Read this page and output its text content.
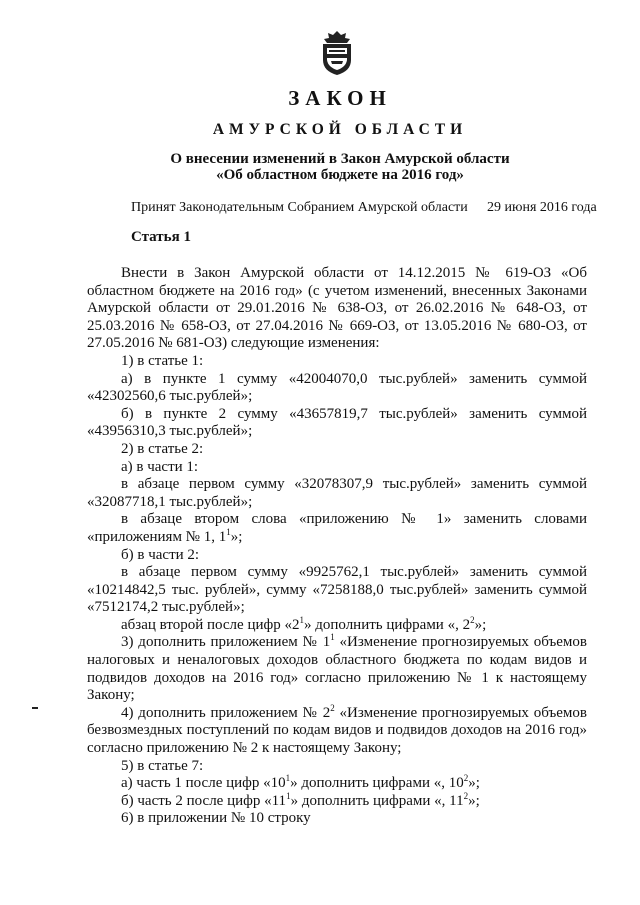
ЗАКОН
АМУРСКОЙ ОБЛАСТИ
О внесении изменений в Закон Амурской области
«Об областном бюджете на 2016 год»
Принят Законодательным Собранием Амурской области 29 июня 2016 года
Статья 1

Внести в Закон Амурской области от 14.12.2015 № 619-ОЗ «Об областном бюджете на 2016 год» (с учетом изменений, внесенных Законами Амурской области от 29.01.2016 № 638-ОЗ, от 26.02.2016 № 648-ОЗ, от 25.03.2016 № 658-ОЗ, от 27.04.2016 № 669-ОЗ, от 13.05.2016 № 680-ОЗ, от 27.05.2016 № 681-ОЗ) следующие изменения:

1) в статье 1:

а) в пункте 1 сумму «42004070,0 тыс.рублей» заменить суммой «42302560,6 тыс.рублей»;

б) в пункте 2 сумму «43657819,7 тыс.рублей» заменить суммой «43956310,3 тыс.рублей»;

2) в статье 2:

а) в части 1:

в абзаце первом сумму «32078307,9 тыс.рублей» заменить суммой «32087718,1 тыс.рублей»;

в абзаце втором слова «приложению № 1» заменить словами «приложениям № 1, $1^1$»;

б) в части 2:

в абзаце первом сумму «9925762,1 тыс.рублей» заменить суммой «10214842,5 тыс. рублей», сумму «7258188,0 тыс.рублей» заменить суммой «7512174,2 тыс.рублей»;

абзац второй после цифр «$2^1$» дополнить цифрами «, $2^2$»;

3) дополнить приложением № $1^1$ «Изменение прогнозируемых объемов налоговых и неналоговых доходов областного бюджета по кодам видов и подвидов доходов на 2016 год» согласно приложению № 1 к настоящему Закону;

4) дополнить приложением № $2^2$ «Изменение прогнозируемых объемов безвозмездных поступлений по кодам видов и подвидов доходов на 2016 год» согласно приложению № 2 к настоящему Закону;

5) в статье 7:

а) часть 1 после цифр «$10^1$» дополнить цифрами «, $10^2$»;

б) часть 2 после цифр «$11^1$» дополнить цифрами «, $11^2$»;

6) в приложении № 10 строку
